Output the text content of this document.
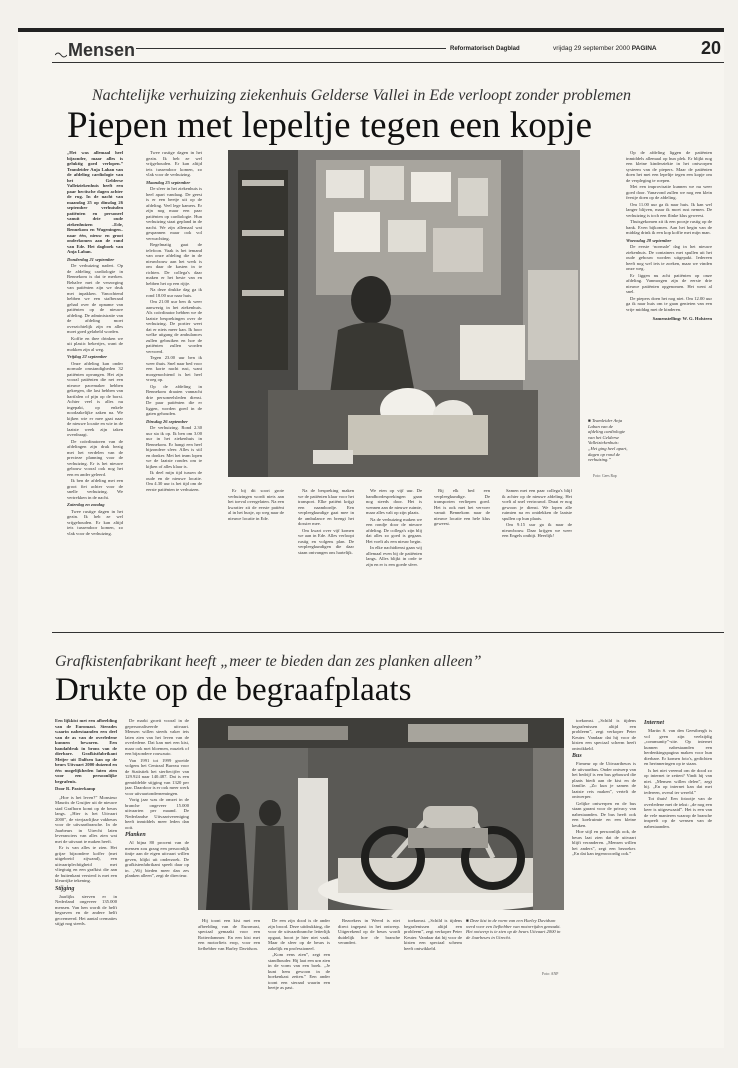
Mensen	Reformatorisch Dagblad	vrijdag 29 september 2000 PAGINA 20
Nachtelijke verhuizing ziekenhuis Gelderse Vallei in Ede verloopt zonder problemen
Piepen met lepeltje tegen een kopje

„Het was allemaal heel bijzonder, maar alles is geluktig goed verlopen.” Teamleider Anja Laban van de afdeling cardiologie van het Gelderse Valleiziekenhuis heeft een paar hectische dagen achter de rug. In de nacht van maandag 25 op dinsdag 26 september verhuisden patiënten en personeel vanuit drie oude ziekenhuizen –Ede, Bennekom en Wageningen– naar één, nieuw en groot onderkomen aan de rand van Ede. Het dagboek van Anja Laban.

Donderdag 21 september

De verhuizing nadert. Op de afdeling cardiologie in Bennekom is dat te merken. Behalve met de verzorging van patiënten zijn we druk met inpakken. Vanochtend hebben we een stafberaad gehad over de opname van patiënten op de nieuwe afdeling. De administratie van de afdeling moet overzichtelijk zijn en alles moet goed gelabeld worden.

Koffie en thee drinken we uit plastic bekertjes, want de mokken zijn al weg.

Vrijdag 22 september

Onze afdeling kan onder normale omstandigheden 32 patiënten opvangen. Het zijn vooral patiënten die net een nieuwe pacemaker hebben gekregen, die last hebben van hartfalen of pijn op de borst. Achter veel is alles nu ingepakt, op enkele noodzakelijke zaken na. We kijken wie er mee gaat naar de nieuwe locatie en wie in de laatste week zijn taken overdraagt.

De coördinatoren van de afdelingen zijn druk bezig met het verdelen van de precieze planning voor de verhuizing. Er is het nieuwe gebouw vooral ook nog het een en ander geleerd.

Ik ben de afdeling met een groot fiet achter voor de snelle verhuizing. We vertrekken in de nacht.

Zaterdag en zondag

Twee rustige dagen in het gezin. Ik heb ze wel vrijgehouden. Er kan altijd iets tussendoor komen, zo vlak voor de verhuizing.

Twee rustige dagen in het gezin. Ik heb ze wel vrijgehouden. Er kan altijd iets tussendoor komen, zo vlak voor de verhuizing.

Maandag 25 september

De sfeer in het ziekenhuis is heel apart vandaag. De geest is er een beetje uit op de afdeling. Veel lege kamers. Er zijn nog maar een paar patiënten op cardiologie. Hun verhuizing staat gepland in de nacht. We zijn allemaal wat gespannen maar ook vol verwachting.

Regelmatig gaat de telefoon. Vaak is het iemand van onze afdeling die in de nieuwbouw aan het werk is om daar de kasten in te richten. De collega's daar maken er het beste van en hebben het op een rijtje.

Na deze drukke dag ga ik rond 18.00 uur naar huis.

Om 21.00 uur ben ik weer aanwezig in het ziekenhuis. Als coördinator hebben we de laatste besprekingen over de verhuizing. De portier weet dat er niets meer kan. Ik hoor welke uitgang de ambulances zullen gebruiken en hoe de patiënten zullen worden vervoerd.

Tegen 23.00 uur ben ik weer thuis. Snel naar bed voor een korte nacht rust, want morgenochtend is het heel vroeg op.

Op de afdeling in Bennekom draaien vannacht drie personeelsleden dienst. De paar patiënten die er liggen, worden goed in de gaten gehouden.

Dinsdag 26 september

De verhuizing. Rond 2.30 uur sta ik op. Ik ben om 3.00 uur in het ziekenhuis in Bennekom. Er hangt een heel bijzondere sfeer. Alles is stil en donker. Met het team lopen we de laatste rondes om te kijken of alles klaar is.

Ik deel mijn tijd tussen de oude en de nieuwe locatie. Om 4.30 uur is het tijd om de eerste patiënten te verhuizen.

■ Teamleider Anja Laban van de afdeling cardiologie van het Gelderse Valleiziekenhuis: „Het ging heel apart, dagen op rond de verhuizing.”
Foto: Gees Rap

Er bij dit soort grote verhuizingen wordt niets aan het toeval overgelaten. Na een kwartier zit de eerste patiënt al in het busje, op weg naar de nieuwe locatie in Ede.

Na de bespreking maken we de patiënten klaar voor het transport. Elke patiënt krijgt een naambordje. Een verpleegkundige gaat mee in de ambulance en brengt het dossier mee.

Om kwart over vijf komen we aan in Ede. Alles verloopt rustig en volgens plan. De verpleegkundigen die daar staan ontvangen ons hartelijk.

We eten op vijf uur. De bandbordesprekingen gaan nog steeds door. Het is wennen aan de nieuwe ruimte, maar alles valt op zijn plaats.

Na de verhuizing maken we een rondje door de nieuwe afdeling. De collega's zijn blij dat alles zo goed is gegaan. Het voelt als een nieuw begin.

In elke nachtdienst gaan wij allemaal even bij de patiënten langs. Alles blijkt in orde te zijn en er is een goede sfeer.

Bij elk bed een verpleegkundige. De transporten verliepen goed. Het is ook met het vervoer vanuit Bennekom naar de nieuwe locatie een hele klus geweest.

Samen met een paar collega's blijf ik achter op de nieuwe afdeling. Het voelt al snel vertrouwd. Draai er nog gewoon je dienst. We lopen alle ruimten na en ontdekken de laatste spullen op hun plaats.

Om 9.15 uur ga ik naar de nieuwbouw. Daar krijgen we weer een Engels ontbijt. Heerlijk!

Op de afdeling liggen de patiënten inmiddels allemaal op hun plek. Er blijkt nog een kleine kinderziekte in het ontworpen systeem van de piepers. Maar de patiënten doen het met een lepeltje tegen een kopje om de verpleging te roepen.

Met een improvisatie kunnen we nu weer goed door. Vanavond zullen we nog een klein feestje doen op de afdeling.

Om 11.00 uur ga ik naar huis. Ik kan wel langer blijven, maar ik moet rust nemen. De verhuizing is toch een flinke klus geweest.

Thuisgekomen zit ik een poosje rustig op de bank. Even bijkomen. Aan het begin van de middag drink ik een kop koffie met mijn man.

Woensdag 28 september

De eerste ‘normale’ dag in het nieuwe ziekenhuis. De containers met spullen uit het oude gebouw worden uitgepakt. Iedereen heeft nog wel iets te zoeken, maar we vinden onze weg.

Er liggen nu acht patiënten op onze afdeling. Vanmorgen zijn de eerste drie nieuwe patiënten opgenomen. Het went al snel.

De piepers doen het nog niet. Om 12.00 uur ga ik naar huis om te gaan genieten van een vrije middag met de kinderen.

Samenstelling: W. G. Holsteen

Grafkistenfabrikant heeft „meer te bieden dan zes planken alleen”
Drukte op de begraafplaats

Een lijkkist met een afbeelding van de Euromast. Sierades waarin nabestaanden een deel van de as van de overledene kunnen bewaren. Een handafdruk in brons van de dierbare. Grafkistfabrikant Meijer uit Dalfsen kan op de beurs Uitvaart 2000 duizend en één mogelijkheden laten zien voor een persoonlijke begrafenis.

Door R. Pasterkamp

„Hoe is het leven?” Monsieur Maurits de Gruijter uit de nieuwe stad Grafhorn komt op de beurs langs. „Hier is het Uitvaart 2000”, de vierjaarlijkse vakbeurs voor de uitvaartbranche. In de Jaarbeurs in Utrecht laten leveranciers van alles zien wat met de uitvaart te maken heeft.

Er is van alles te zien. Het grijze bijzondere koffer (met uitgebreid zijwand), een uitvaartplechtigheid met vliegtuig en een grafkist die aan de buitenkant versierd is met een kleurrijke tekening.

Stijging

Jaarlijks sterven er in Nederland ongeveer 135.000 mensen. Van hen wordt de helft begraven en de andere helft gecremeerd. Het aantal crematies stijgt nog steeds.

De markt groeit vooral in de gepersonaliseerde uitvaart. Mensen willen steeds vaker iets laten zien van het leven van de overledene. Dat kan met een kist, maar ook met bloemen, muziek of een bijzondere rouwauto.

Van 1991 tot 1999 groeide volgens het Centraal Bureau voor de Statistiek het sterftecijfer van 129.924 naar 140.487. Dat is een gemiddelde stijging van 1320 per jaar. Daardoor is er ook meer werk voor uitvaartondernemingen.

Vorig jaar was de omzet in de branche ongeveer 15.000 uitvaarten per maand. De Nederlandse Uitvaartvereniging heeft inmiddels meer leden dan ooit.

Planken

Al bijna 80 procent van de mensen zou graag een persoonlijk tintje aan de eigen uitvaart willen geven, blijkt uit onderzoek. De grafkistenfabrikant speelt daar op in. „Wij bieden meer dan zes planken alleen”, zegt de directeur.

■ Deze kist in de vorm van een Harley Davidson werd voor een liefhebber van motorrijden gemaakt. Het ontwerp is te zien op de beurs Uitvaart 2000 in de Jaarbeurs in Utrecht.
Foto: ANP

Hij toont een kist met een afbeelding van de Euromast, speciaal gemaakt voor een Rotterdammer. En een kist met een motorfiets erop, voor een liefhebber van Harley Davidson.

De een zijn dood is de ander zijn brood. Deze uitdrukking, die voor de uitvaartbranche letterlijk opgaat, hoort je hier niet vaak. Maar de sfeer op de beurs is zakelijk en professioneel.

„Kom eens zien”, zegt een standhouder. Hij laat een urn zien in de vorm van een boek. „Je kunt hem gewoon in de boekenkast zetten.” Een ander toont een sieraad waarin een beetje as past.

Bezoekers in Weerd is niet direct ingepast in het ontwerp. Uitgerekend op de beurs wordt duidelijk hoe de branche verandert.

toekomst. „Schild is tijdens begrafenissen altijd een probleem”, zegt verkoper Peter Keuter. Vandaar dat hij voor de kisten een speciaal scherm heeft ontwikkeld.

toekomst. „Schild is tijdens begrafenissen altijd een probleem”, zegt verkoper Peter Keuter. Vandaar dat hij voor de kisten een speciaal scherm heeft ontwikkeld.

Bus

Firmeur op de Uitvaartbeurs is de uitvaartbus. Onder ontwerp van het bedrijf is een bus gebouwd die plaats biedt aan de kist en de familie. „Zo kun je samen de laatste reis maken”, vertelt de ontwerper.

Gelijke ontwerpen en de bus staan garant voor de privacy van nabestaanden. De bus heeft ook een koelruimte en een kleine keuken.

Hoe stijl en persoonlijk ook, de beurs laat zien dat de uitvaart blijft veranderen. „Mensen willen het anders”, zegt een bezoeker. „En dat kan tegenwoordig ook.”

Internet

Martin S. van den Geestbergh is vol geen zijn veelzijdig „community”-site. Op internet kunnen nabestaanden een herdenkingspagina maken voor hun dierbare. Er komen foto's, gedichten en herinneringen op te staan.

Is het niet vreemd om de dood zo op internet te zetten? Vindt hij van niet. „Mensen willen delen”, zegt hij. „En op internet kan dat met iedereen, overal ter wereld.”

Tot thuis! Een fotootje van de overledene met de tekst: „de nog een keer is uitgezwaaid”. Het is een van de vele manieren waarop de branche inspeelt op de wensen van de nabestaanden.
